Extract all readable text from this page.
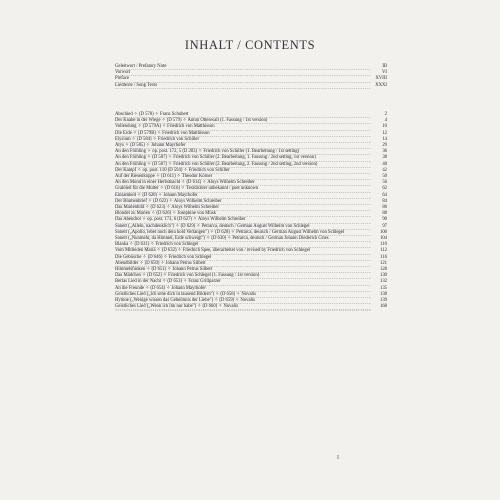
INHALT / CONTENTS
Geleitwort / Prefatory Note	III
Vorwort	VI
Preface	XVIII
Liedtexte / Song Texts	XXXI
Abschied ✧ (D 578) ✧ Franz Schubert	2
Der Knabe in der Wiege ✧ (D 579) ✧ Anton Ottenwalt (1. Fassung / 1st version)	4
Vollendung ✧ (D 579A) ✧ Friedrich von Matthisson	10
Die Erde ✧ (D 579B) ✧ Friedrich von Matthisson	12
Elysium ✧ (D 584) ✧ Friedrich von Schiller	14
Atys ✧ (D 585) ✧ Johann Mayrhofer	29
An den Frühling ✧ op. post. 172, 5 (D 283) ✧ Friedrich von Schiller (1. Bearbeitung / 1st setting)	36
An den Frühling ✧ (D 587) ✧ Friedrich von Schiller (2. Bearbeitung, 1. Fassung / 2nd setting, 1st version)	38
An den Frühling ✧ (D 587) ✧ Friedrich von Schiller (2. Bearbeitung, 2. Fassung / 2nd setting, 2nd version)	40
Der Kampf ✧ op. post. 110 (D 594) ✧ Friedrich von Schiller	42
Auf der Riesenkoppe ✧ (D 611) ✧ Theodor Körner	50
An den Mond in einer Herbstnacht ✧ (D 614) ✧ Aloys Wilhelm Schreiber	56
Grablied für die Mutter ✧ (D 616) ✧ Textdichter unbekannt / poet unknown	62
Einsamkeit ✧ (D 620) ✧ Johann Mayrhofer	64
Der Blumenbrief ✧ (D 622) ✧ Aloys Wilhelm Schreiber	84
Das Marienbild ✧ (D 623) ✧ Aloys Wilhelm Schreiber	86
Blondel zu Marien ✧ (D 626) ✧ Josephine von Müsk	88
Das Abendrot ✧ op. post. 173, 6 (D 627) ✧ Aloys Wilhelm Schreiber	90
Sonett („Allein, nachdenklich") ✧ (D 629) ✧ Petrarca, deutsch / German August Wilhelm von Schlegel	97
Sonett („Apollo, lebet noch dein hold Verlangen") ✧ (D 628) ✧ Petrarca, deutsch / German August Wilhelm von Schlegel	100
Sonett („Nunmehr, da Himmel, Erde schweigt") ✧ (D 630) ✧ Petrarca, deutsch / German Johann Diederich Gries	104
Blanka ✧ (D 631) ✧ Friedrich von Schlegel	110
Vom Mitleiden Mariä ✧ (D 632) ✧ Friedrich Spee, überarbeitet von / revised by Friedrich von Schlegel	112
Die Gebüsche ✧ (D 646) ✧ Friedrich von Schlegel	116
Abendbilder ✧ (D 650) ✧ Johann Petrus Silbert	121
Himmelsfunken ✧ (D 651) ✧ Johann Petrus Silbert	128
Das Mädchen ✧ (D 652) ✧ Friedrich von Schlegel (1. Fassung / 1st version)	130
Bertas Lied in der Nacht ✧ (D 653) ✧ Franz Grillparzer	132
An die Freunde ✧ (D 654) ✧ Johann Mayrhofer	135
Geistliches Lied („Ich sehe dich in tausend Bildern") ✧ (D 658) ✧ Novalis	138
Hymne („Wenige wissen das Geheimnis der Liebe") ✧ (D 659) ✧ Novalis	139
Geistliches Lied („Wenn ich ihn nur habe") ✧ (D 660) ✧ Novalis	168
I
